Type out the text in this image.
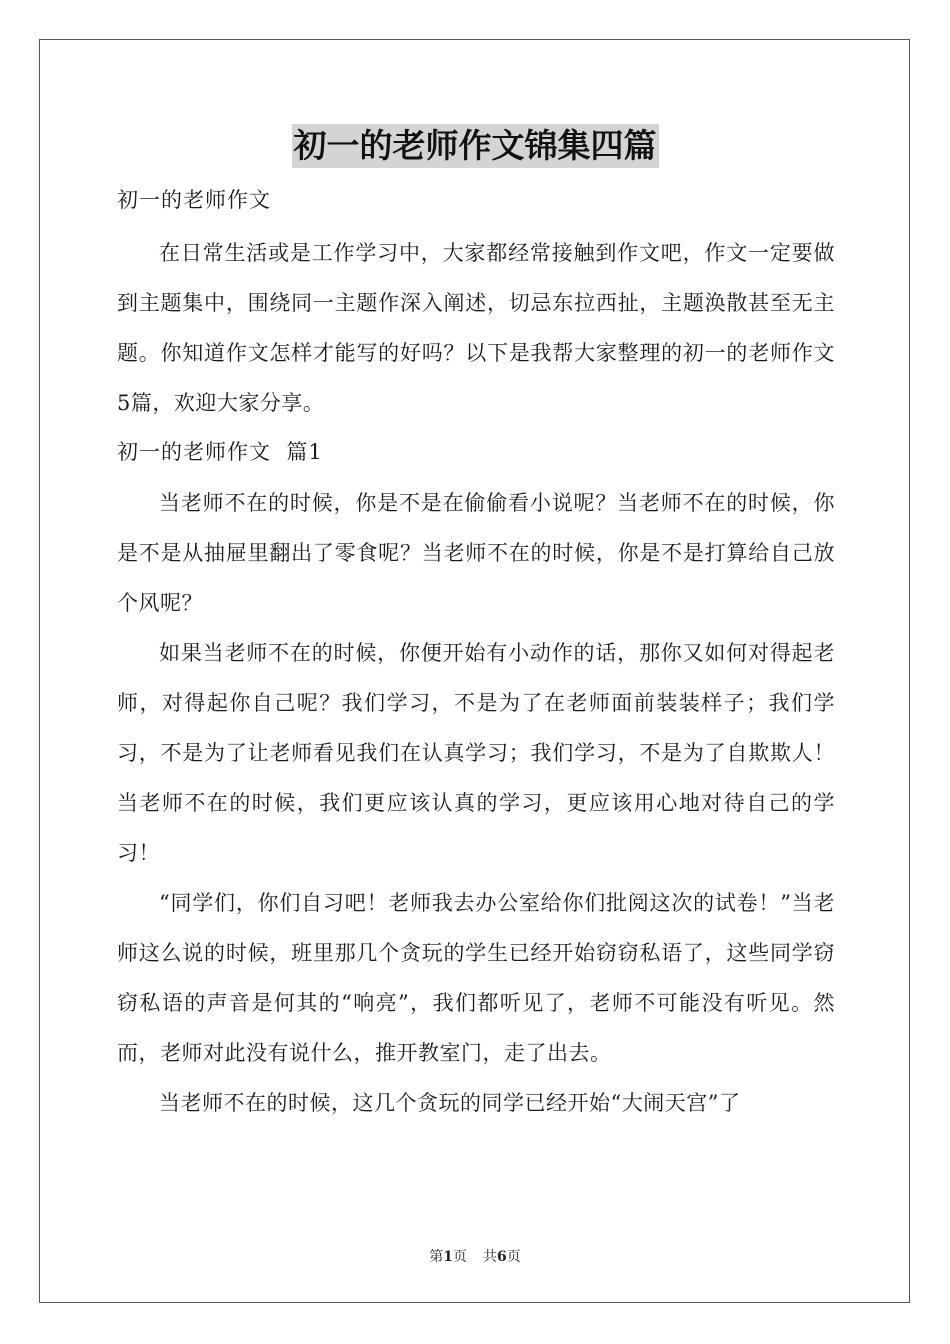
初一的老师作文锦集四篇

初一的老师作文

在日常生活或是工作学习中，大家都经常接触到作文吧，作文一定要做到主题集中，围绕同一主题作深入阐述，切忌东拉西扯，主题涣散甚至无主题。你知道作文怎样才能写的好吗？以下是我帮大家整理的初一的老师作文5篇，欢迎大家分享。

初一的老师作文  篇1

当老师不在的时候，你是不是在偷偷看小说呢？当老师不在的时候，你是不是从抽屉里翻出了零食呢？当老师不在的时候，你是不是打算给自己放个风呢？

如果当老师不在的时候，你便开始有小动作的话，那你又如何对得起老师，对得起你自己呢？我们学习，不是为了在老师面前装装样子；我们学习，不是为了让老师看见我们在认真学习；我们学习，不是为了自欺欺人！当老师不在的时候，我们更应该认真的学习，更应该用心地对待自己的学习！

“同学们，你们自习吧！老师我去办公室给你们批阅这次的试卷！”当老师这么说的时候，班里那几个贪玩的学生已经开始窃窃私语了，这些同学窃窃私语的声音是何其的“响亮”，我们都听见了，老师不可能没有听见。然而，老师对此没有说什么，推开教室门，走了出去。

当老师不在的时候，这几个贪玩的同学已经开始“大闹天宫”了

第1页 共6页
